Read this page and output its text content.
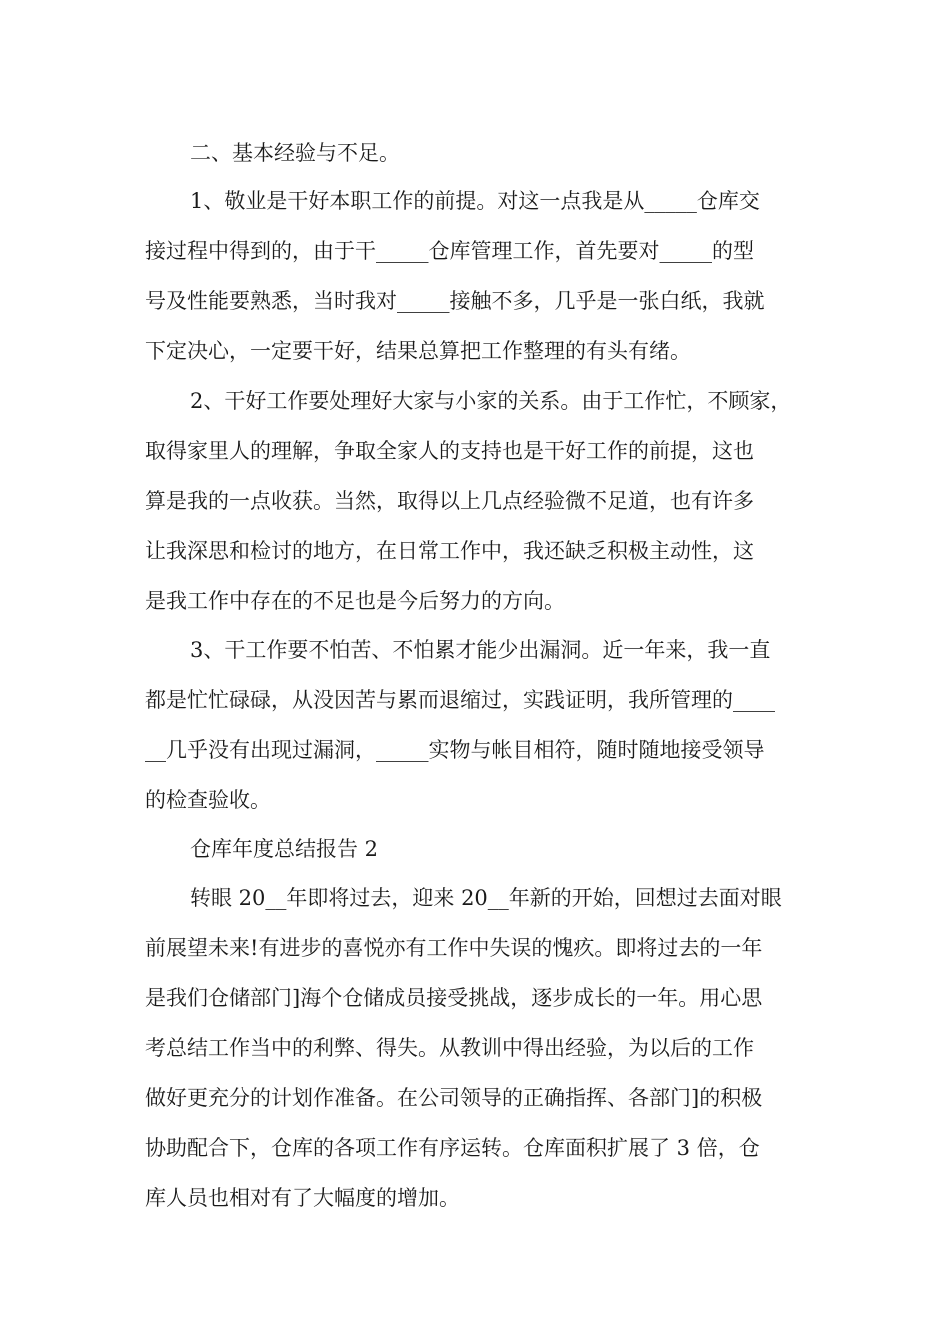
二、基本经验与不足。
1、敬业是干好本职工作的前提。对这一点我是从_____仓库交
接过程中得到的，由于干_____仓库管理工作，首先要对_____的型
号及性能要熟悉，当时我对_____接触不多，几乎是一张白纸，我就
下定决心，一定要干好，结果总算把工作整理的有头有绪。
2、干好工作要处理好大家与小家的关系。由于工作忙，不顾家，
取得家里人的理解，争取全家人的支持也是干好工作的前提，这也
算是我的一点收获。当然，取得以上几点经验微不足道，也有许多
让我深思和检讨的地方，在日常工作中，我还缺乏积极主动性，这
是我工作中存在的不足也是今后努力的方向。
3、干工作要不怕苦、不怕累才能少出漏洞。近一年来，我一直
都是忙忙碌碌，从没因苦与累而退缩过，实践证明，我所管理的____
__几乎没有出现过漏洞，_____实物与帐目相符，随时随地接受领导
的检查验收。
仓库年度总结报告 2
转眼 20__年即将过去，迎来 20__年新的开始，回想过去面对眼
前展望未来!有进步的喜悦亦有工作中失误的愧疚。即将过去的一年
是我们仓储部门]海个仓储成员接受挑战，逐步成长的一年。用心思
考总结工作当中的利弊、得失。从教训中得出经验，为以后的工作
做好更充分的计划作准备。在公司领导的正确指挥、各部门]的积极
协助配合下，仓库的各项工作有序运转。仓库面积扩展了 3 倍，仓
库人员也相对有了大幅度的增加。
